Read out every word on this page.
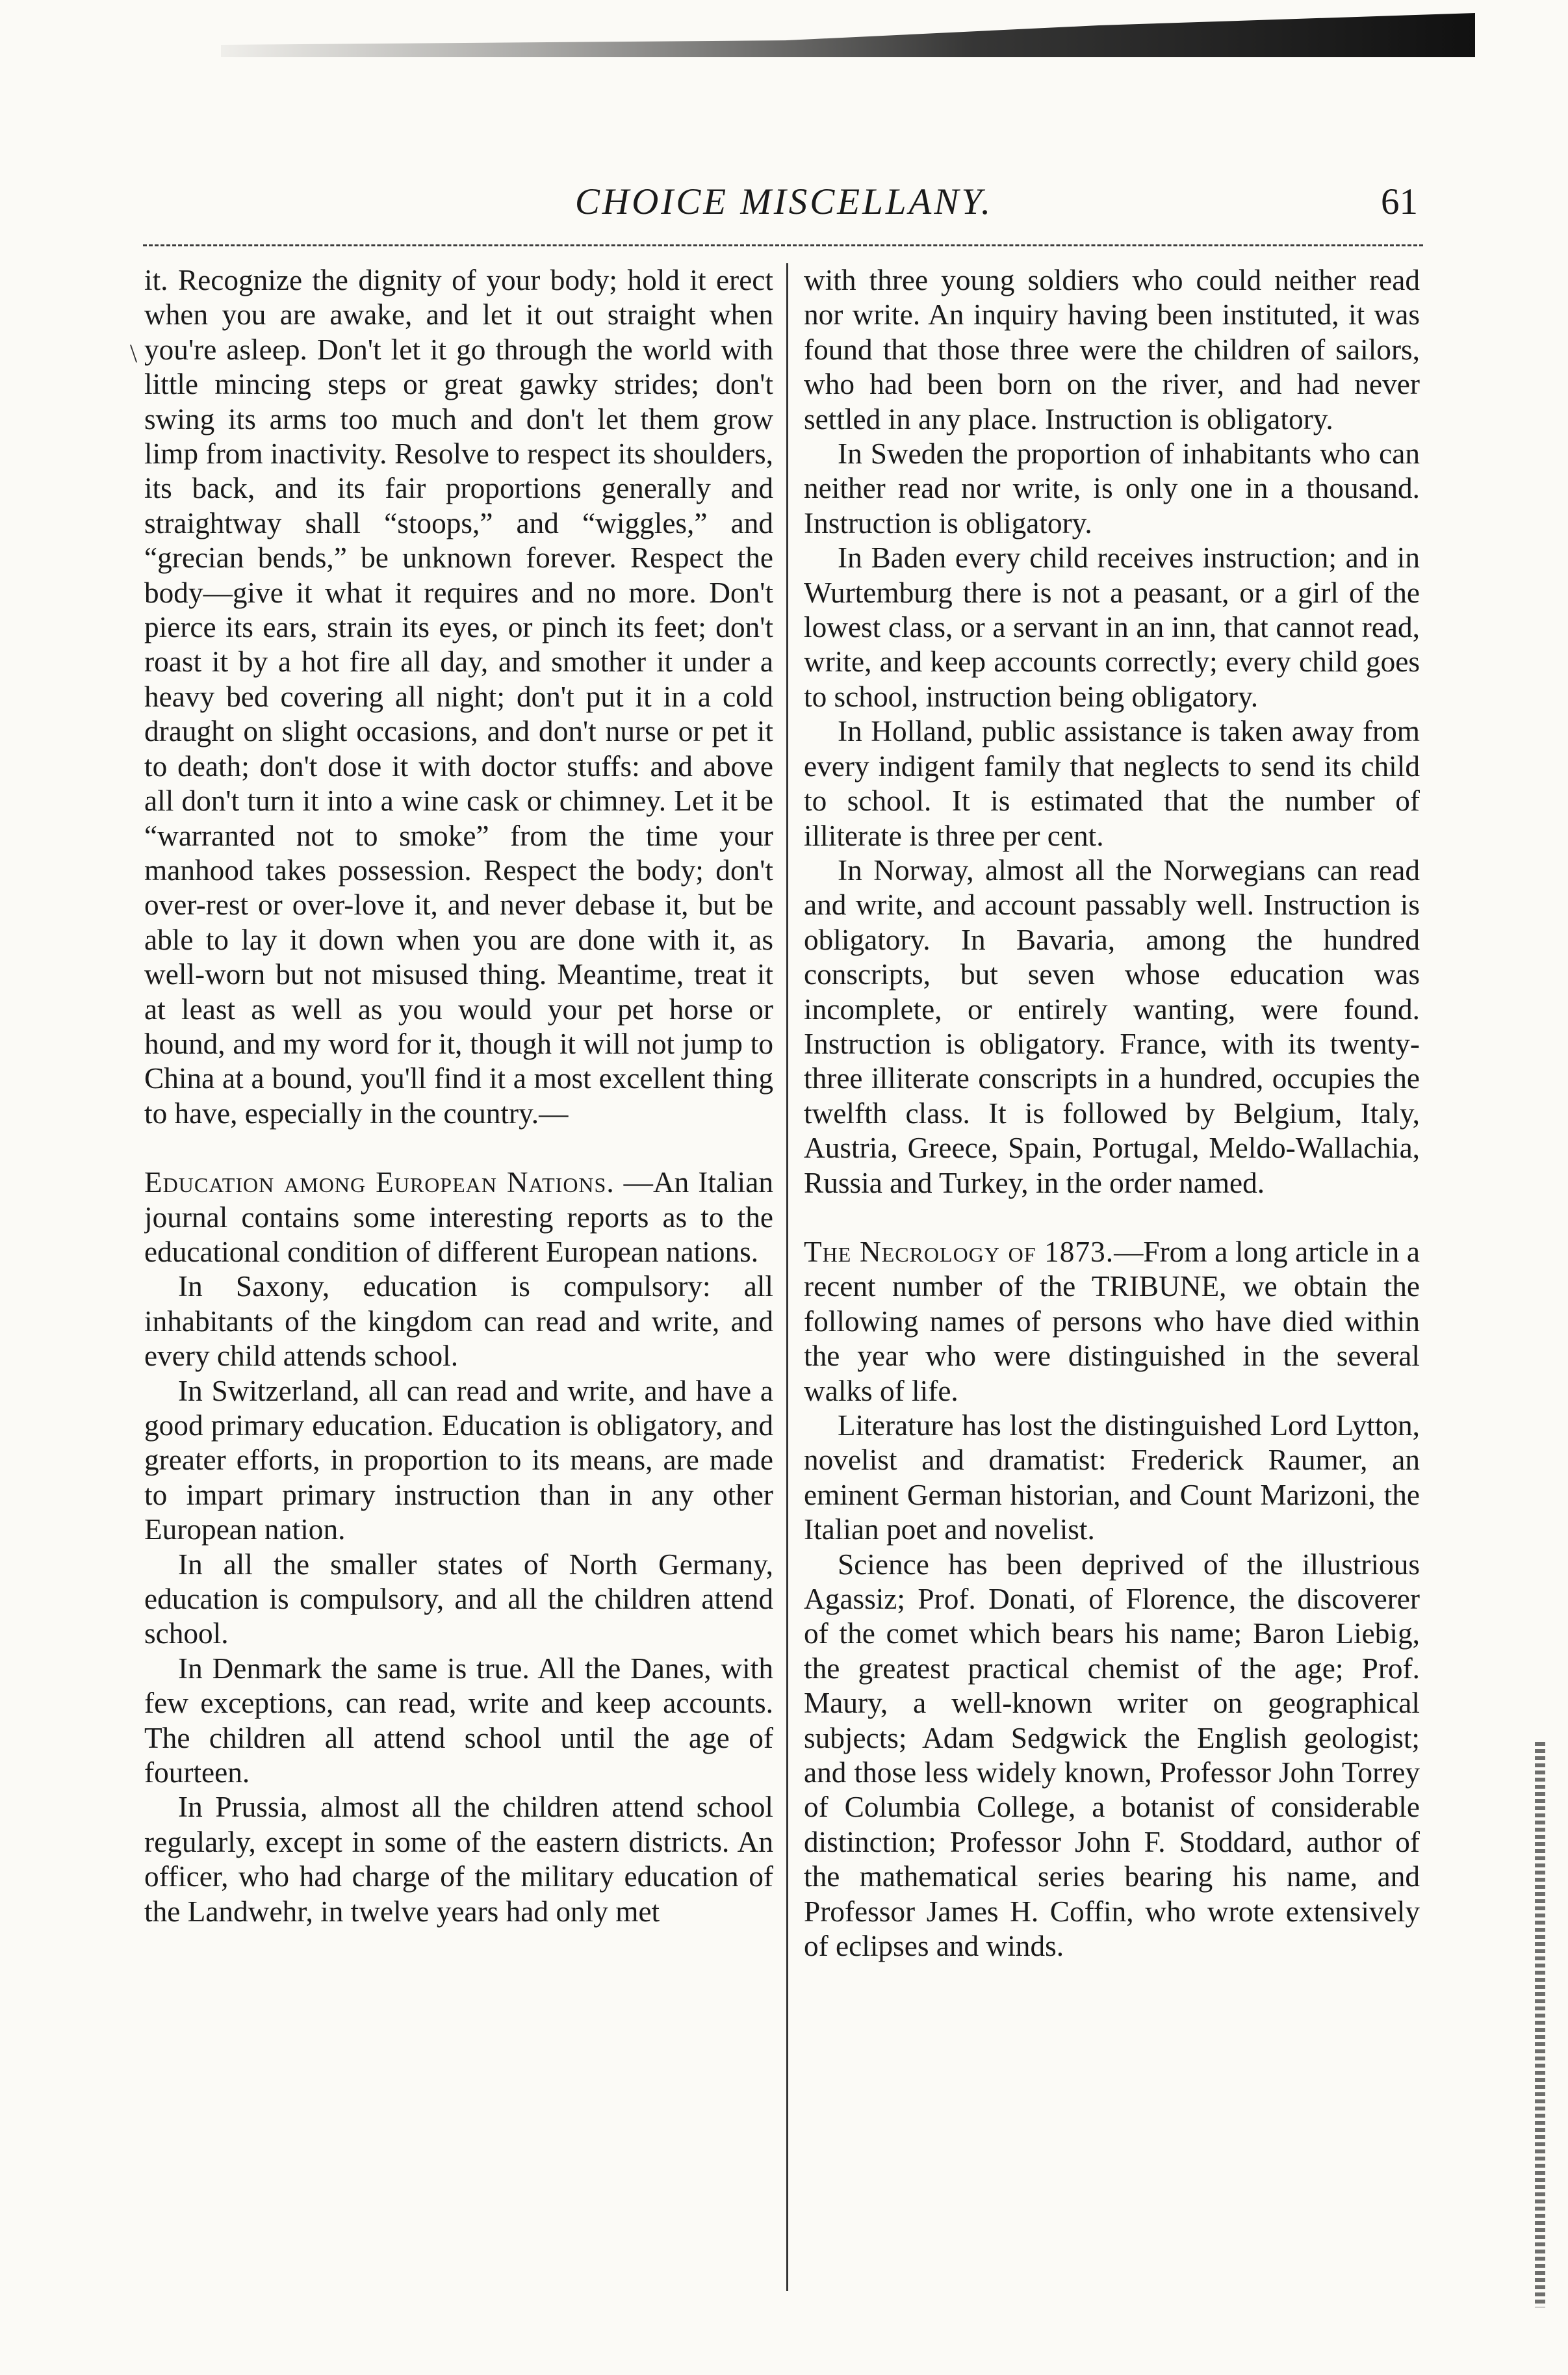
\
CHOICE MISCELLANY.	61

it. Recognize the dignity of your body; hold it erect when you are awake, and let it out straight when you're asleep. Don't let it go through the world with little mincing steps or great gawky strides; don't swing its arms too much and don't let them grow limp from inactivity. Resolve to respect its shoulders, its back, and its fair proportions generally and straightway shall “stoops,” and “wiggles,” and “grecian bends,” be unknown forever. Respect the body—give it what it requires and no more. Don't pierce its ears, strain its eyes, or pinch its feet; don't roast it by a hot fire all day, and smother it under a heavy bed covering all night; don't put it in a cold draught on slight occasions, and don't nurse or pet it to death; don't dose it with doctor stuffs: and above all don't turn it into a wine cask or chimney. Let it be “warranted not to smoke” from the time your manhood takes possession. Respect the body; don't over-rest or over-love it, and never debase it, but be able to lay it down when you are done with it, as well-worn but not misused thing. Meantime, treat it at least as well as you would your pet horse or hound, and my word for it, though it will not jump to China at a bound, you'll find it a most excellent thing to have, especially in the country.—

Education among European Nations. —An Italian journal contains some interesting reports as to the educational condition of different European nations.

In Saxony, education is compulsory: all inhabitants of the kingdom can read and write, and every child attends school.

In Switzerland, all can read and write, and have a good primary education. Education is obligatory, and greater efforts, in proportion to its means, are made to impart primary instruction than in any other European nation.

In all the smaller states of North Germany, education is compulsory, and all the children attend school.

In Denmark the same is true. All the Danes, with few exceptions, can read, write and keep accounts. The children all attend school until the age of fourteen.

In Prussia, almost all the children attend school regularly, except in some of the eastern districts. An officer, who had charge of the military education of the Landwehr, in twelve years had only met

with three young soldiers who could neither read nor write. An inquiry having been instituted, it was found that those three were the children of sailors, who had been born on the river, and had never settled in any place. Instruction is obligatory.

In Sweden the proportion of inhabitants who can neither read nor write, is only one in a thousand. Instruction is obligatory.

In Baden every child receives instruction; and in Wurtemburg there is not a peasant, or a girl of the lowest class, or a servant in an inn, that cannot read, write, and keep accounts correctly; every child goes to school, instruction being obligatory.

In Holland, public assistance is taken away from every indigent family that neglects to send its child to school. It is estimated that the number of illiterate is three per cent.

In Norway, almost all the Norwegians can read and write, and account passably well. Instruction is obligatory. In Bavaria, among the hundred conscripts, but seven whose education was incomplete, or entirely wanting, were found. Instruction is obligatory. France, with its twenty-three illiterate conscripts in a hundred, occupies the twelfth class. It is followed by Belgium, Italy, Austria, Greece, Spain, Portugal, Meldo-Wallachia, Russia and Turkey, in the order named.

The Necrology of 1873.—From a long article in a recent number of the TRIBUNE, we obtain the following names of persons who have died within the year who were distinguished in the several walks of life.

Literature has lost the distinguished Lord Lytton, novelist and dramatist: Frederick Raumer, an eminent German historian, and Count Marizoni, the Italian poet and novelist.

Science has been deprived of the illustrious Agassiz; Prof. Donati, of Florence, the discoverer of the comet which bears his name; Baron Liebig, the greatest practical chemist of the age; Prof. Maury, a well-known writer on geographical subjects; Adam Sedgwick the English geologist; and those less widely known, Professor John Torrey of Columbia College, a botanist of considerable distinction; Professor John F. Stoddard, author of the mathematical series bearing his name, and Professor James H. Coffin, who wrote extensively of eclipses and winds.
